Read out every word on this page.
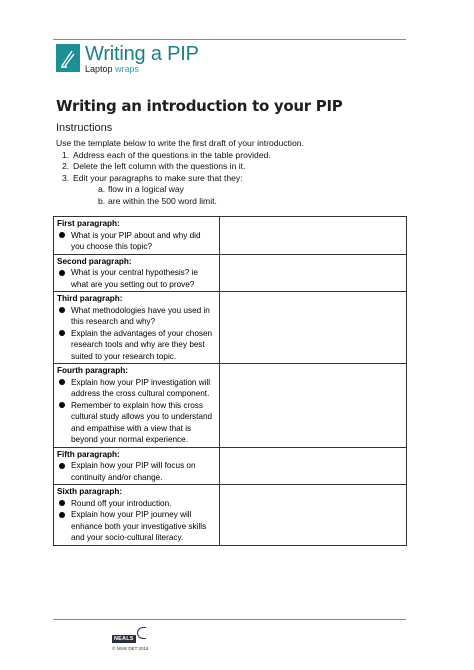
Writing a PIP
Laptop wraps
Writing an introduction to your PIP
Instructions
Use the template below to write the first draft of your introduction.
1. Address each of the questions in the table provided.
2. Delete the left column with the questions in it.
3. Edit your paragraphs to make sure that they:
a. flow in a logical way
b. are within the 500 word limit.
First paragraph:
What is your PIP about and why did you choose this topic?	

Second paragraph:
What is your central hypothesis? ie what are you setting out to prove?	

Third paragraph:
What methodologies have you used in this research and why?
Explain the advantages of your chosen research tools and why are they best suited to your research topic.	

Fourth paragraph:
Explain how your PIP investigation will address the cross cultural component.
Remember to explain how this cross cultural study allows you to understand and empathise with a view that is beyond your normal experience.	

Fifth paragraph:
Explain how your PIP will focus on continuity and/or change.	

Sixth paragraph:
Round off your introduction.
Explain how your PIP journey will enhance both your investigative skills and your socio-cultural literacy.	

NEALS
© NSW DET 2018
